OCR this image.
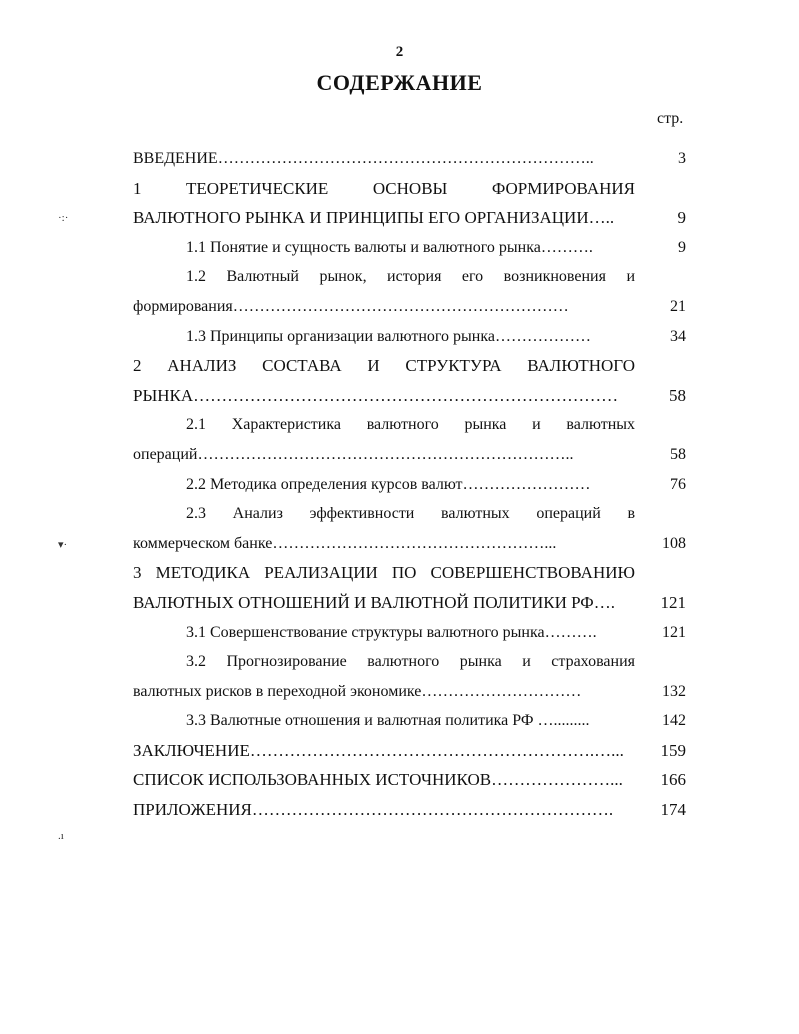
2
СОДЕРЖАНИЕ
стр.
·:·
▾·
.ı
ВВЕДЕНИЕ……………………………………………………………..	3
1 ТЕОРЕТИЧЕСКИЕ ОСНОВЫ ФОРМИРОВАНИЯ
ВАЛЮТНОГО РЫНКА И ПРИНЦИПЫ ЕГО ОРГАНИЗАЦИИ…..	9
1.1 Понятие и сущность валюты и валютного рынка……….	9
1.2 Валютный рынок, история его возникновения и
формирования………………………………………………………	21
1.3 Принципы организации валютного рынка………………	34
2 АНАЛИЗ СОСТАВА И СТРУКТУРА ВАЛЮТНОГО
РЫНКА…………………………………………………………………	58
2.1 Характеристика валютного рынка и валютных
операций……………………………………………………………..	58
2.2 Методика определения курсов валют……………………	76
2.3 Анализ эффективности валютных операций в
коммерческом банке……………………………………………...	108
3 МЕТОДИКА РЕАЛИЗАЦИИ ПО СОВЕРШЕНСТВОВАНИЮ
ВАЛЮТНЫХ ОТНОШЕНИЙ И ВАЛЮТНОЙ ПОЛИТИКИ РФ….	121
3.1 Совершенствование структуры валютного рынка……….	121
3.2 Прогнозирование валютного рынка и страхования
валютных рисков в переходной экономике…………………………	132
3.3 Валютные отношения и валютная политика РФ ….........	142
ЗАКЛЮЧЕНИЕ…………………………………………………….…...	159
СПИСОК ИСПОЛЬЗОВАННЫХ ИСТОЧНИКОВ…………………...	166
ПРИЛОЖЕНИЯ……………………………………………………….	174
